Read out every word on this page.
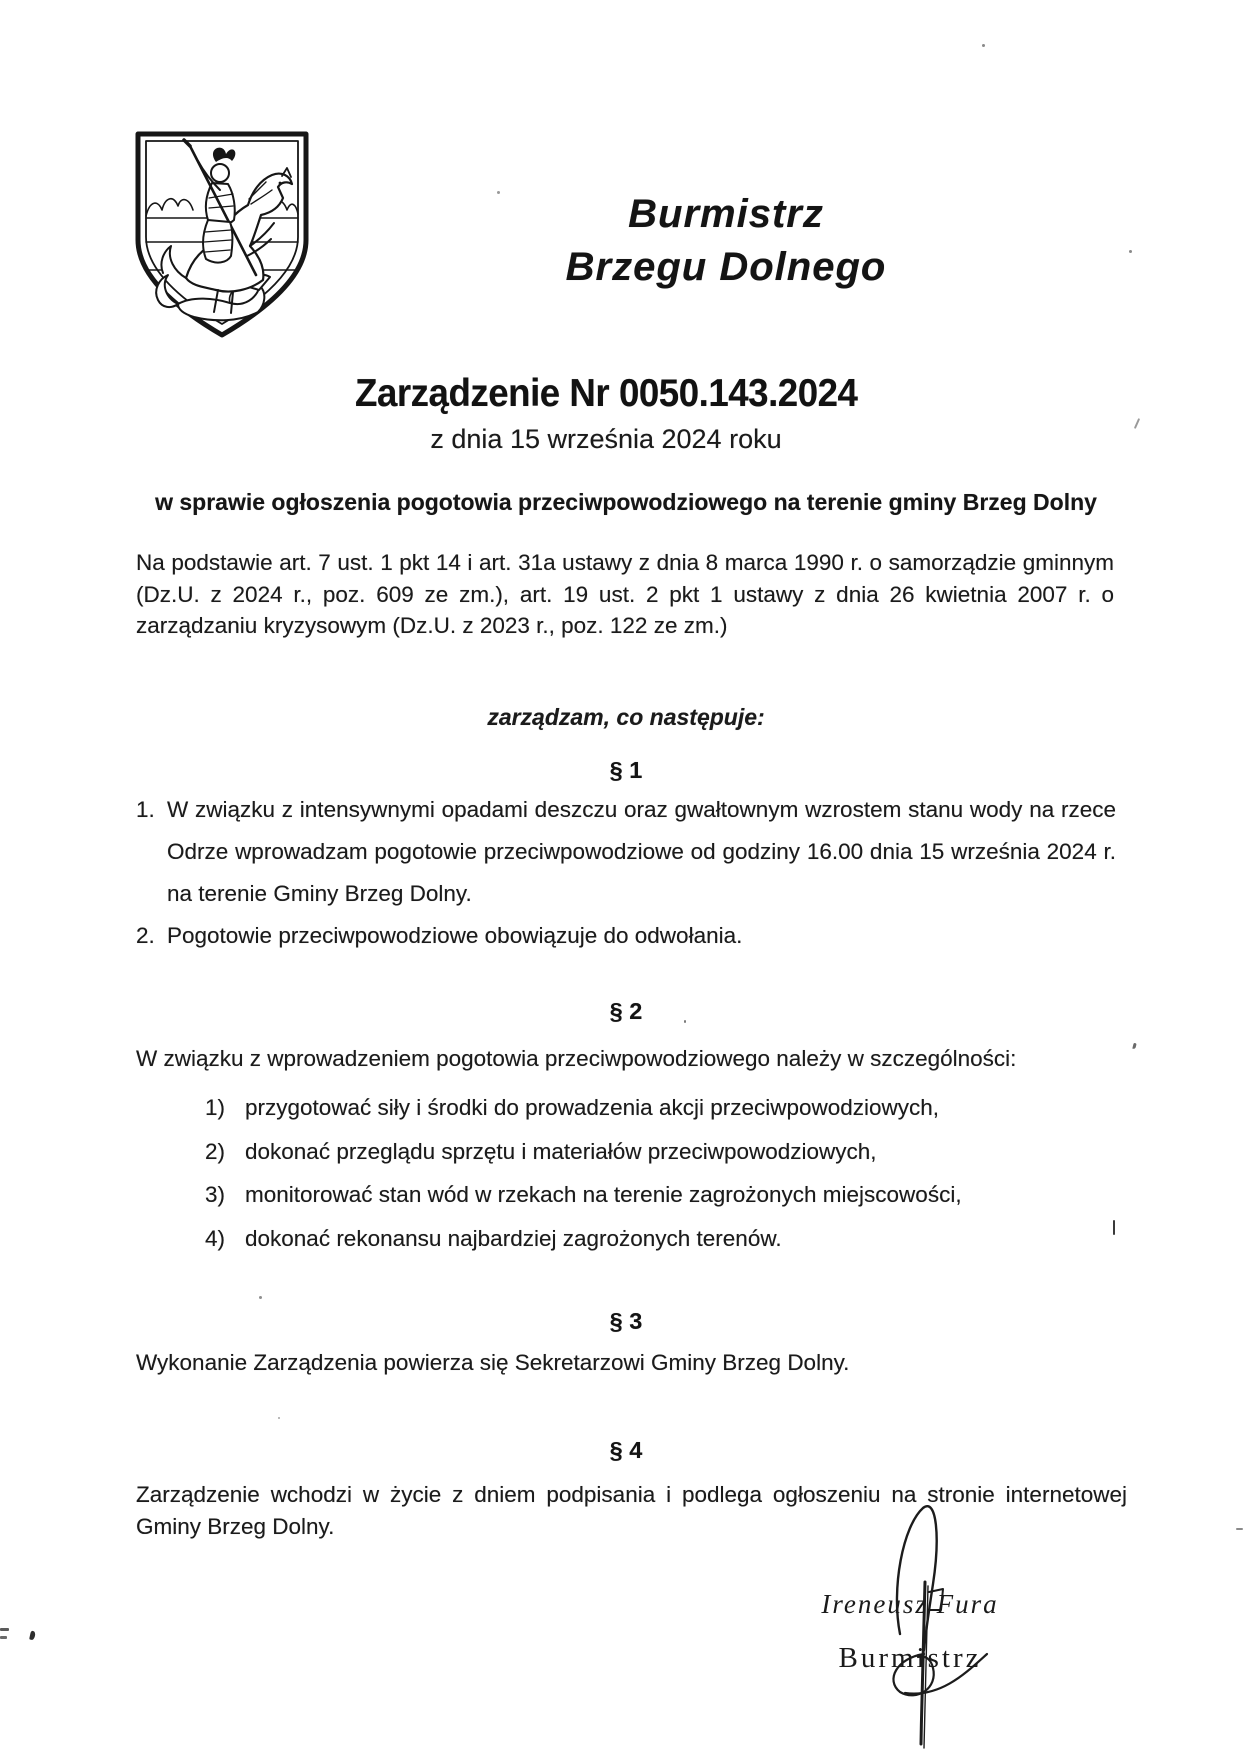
Burmistrz
Brzegu Dolnego
Zarządzenie Nr 0050.143.2024
z dnia 15 września 2024 roku
w sprawie ogłoszenia pogotowia przeciwpowodziowego na terenie gminy Brzeg Dolny
Na podstawie art. 7 ust. 1 pkt 14 i art. 31a ustawy z dnia 8 marca 1990 r. o samorządzie gminnym (Dz.U. z 2024 r., poz. 609 ze zm.), art. 19 ust. 2 pkt 1 ustawy z dnia 26 kwietnia 2007 r. o zarządzaniu kryzysowym (Dz.U. z 2023 r., poz. 122 ze zm.)
zarządzam, co następuje:
§ 1
1. W związku z intensywnymi opadami deszczu oraz gwałtownym wzrostem stanu wody na rzece Odrze wprowadzam pogotowie przeciwpowodziowe od godziny 16.00 dnia 15 września 2024 r. na terenie Gminy Brzeg Dolny.
2. Pogotowie przeciwpowodziowe obowiązuje do odwołania.
§ 2
W związku z wprowadzeniem pogotowia przeciwpowodziowego należy w szczególności:
1) przygotować siły i środki do prowadzenia akcji przeciwpowodziowych,
2) dokonać przeglądu sprzętu i materiałów przeciwpowodziowych,
3) monitorować stan wód w rzekach na terenie zagrożonych miejscowości,
4) dokonać rekonansu najbardziej zagrożonych terenów.
§ 3
Wykonanie Zarządzenia powierza się Sekretarzowi Gminy Brzeg Dolny.
§ 4
Zarządzenie wchodzi w życie z dniem podpisania i podlega ogłoszeniu na stronie internetowej Gminy Brzeg Dolny.
Ireneusz Fura
Burmistrz
